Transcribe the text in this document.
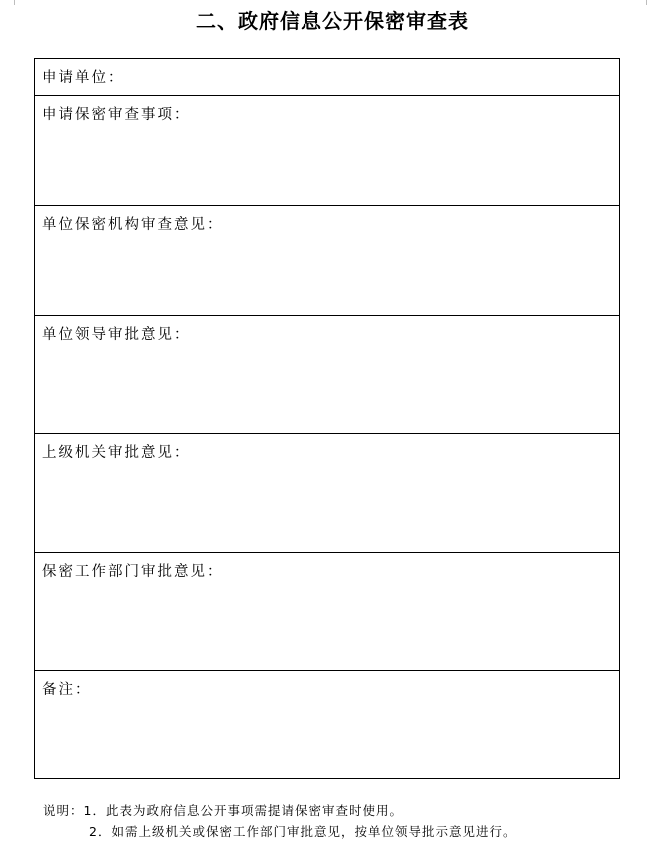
二、政府信息公开保密审查表
申请单位：
申请保密审查事项：
单位保密机构审查意见：
单位领导审批意见：
上级机关审批意见：
保密工作部门审批意见：
备注：
说明：1．此表为政府信息公开事项需提请保密审查时使用。
2．如需上级机关或保密工作部门审批意见，按单位领导批示意见进行。
